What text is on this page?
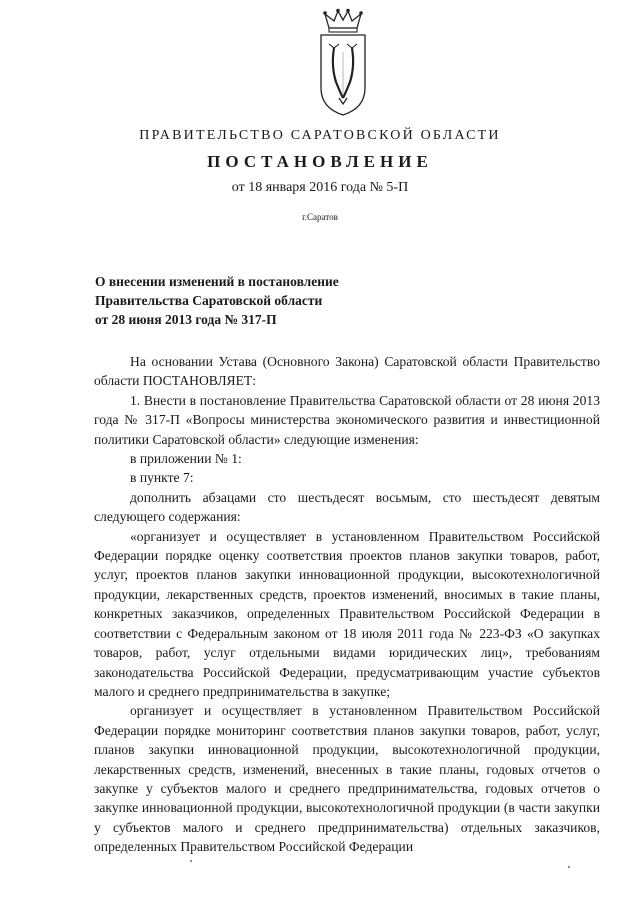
ПРАВИТЕЛЬСТВО САРАТОВСКОЙ ОБЛАСТИ
ПОСТАНОВЛЕНИЕ
от 18 января 2016 года № 5-П
г.Саратов
О внесении изменений в постановление
Правительства Саратовской области
от 28 июня 2013 года № 317-П

На основании Устава (Основного Закона) Саратовской области Правительство области ПОСТАНОВЛЯЕТ:

1. Внести в постановление Правительства Саратовской области от 28 июня 2013 года № 317-П «Вопросы министерства экономического развития и инвестиционной политики Саратовской области» следующие изменения:

в приложении № 1:

в пункте 7:

дополнить абзацами сто шестьдесят восьмым, сто шестьдесят девятым следующего содержания:

«организует и осуществляет в установленном Правительством Российской Федерации порядке оценку соответствия проектов планов закупки товаров, работ, услуг, проектов планов закупки инновационной продукции, высокотехнологичной продукции, лекарственных средств, проектов изменений, вносимых в такие планы, конкретных заказчиков, определенных Правительством Российской Федерации в соответствии с Федеральным законом от 18 июля 2011 года № 223-ФЗ «О закупках товаров, работ, услуг отдельными видами юридических лиц», требованиям законодательства Российской Федерации, предусматривающим участие субъектов малого и среднего предпринимательства в закупке;

организует и осуществляет в установленном Правительством Российской Федерации порядке мониторинг соответствия планов закупки товаров, работ, услуг, планов закупки инновационной продукции, высокотехнологичной продукции, лекарственных средств, изменений, внесенных в такие планы, годовых отчетов о закупке у субъектов малого и среднего предпринимательства, годовых отчетов о закупке инновационной продукции, высокотехнологичной продукции (в части закупки у субъектов малого и среднего предпринимательства) отдельных заказчиков, определенных Правительством Российской Федерации
